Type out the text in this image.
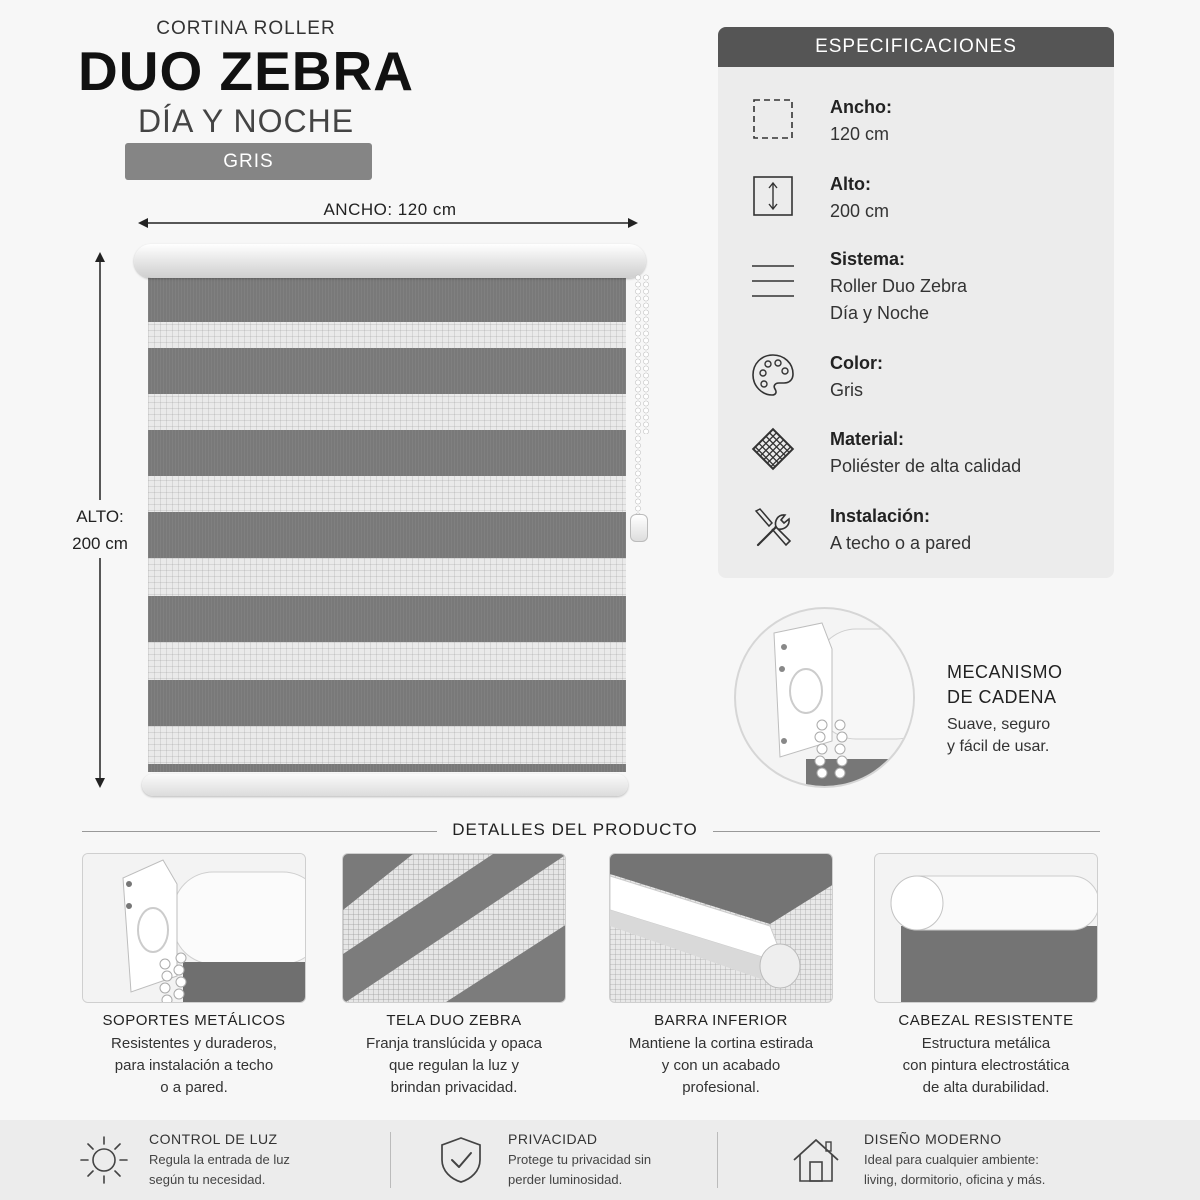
CORTINA ROLLER
DUO ZEBRA
DÍA Y NOCHE
GRIS
ANCHO: 120 cm
ALTO:
200 cm
ESPECIFICACIONES
Ancho:
120 cm
Alto:
200 cm
Sistema:
Roller Duo Zebra
Día y Noche
Color:
Gris
Material:
Poliéster de alta calidad
Instalación:
A techo o a pared
MECANISMO
DE CADENA
Suave, seguro
y fácil de usar.
DETALLES DEL PRODUCTO
SOPORTES METÁLICOS
Resistentes y duraderos,
para instalación a techo
o a pared.
TELA DUO ZEBRA
Franja translúcida y opaca
que regulan la luz y
brindan privacidad.
BARRA INFERIOR
Mantiene la cortina estirada
y con un acabado
profesional.
CABEZAL RESISTENTE
Estructura metálica
con pintura electrostática
de alta durabilidad.
CONTROL DE LUZ
Regula la entrada de luz
según tu necesidad.
PRIVACIDAD
Protege tu privacidad sin
perder luminosidad.
DISEÑO MODERNO
Ideal para cualquier ambiente:
living, dormitorio, oficina y más.
